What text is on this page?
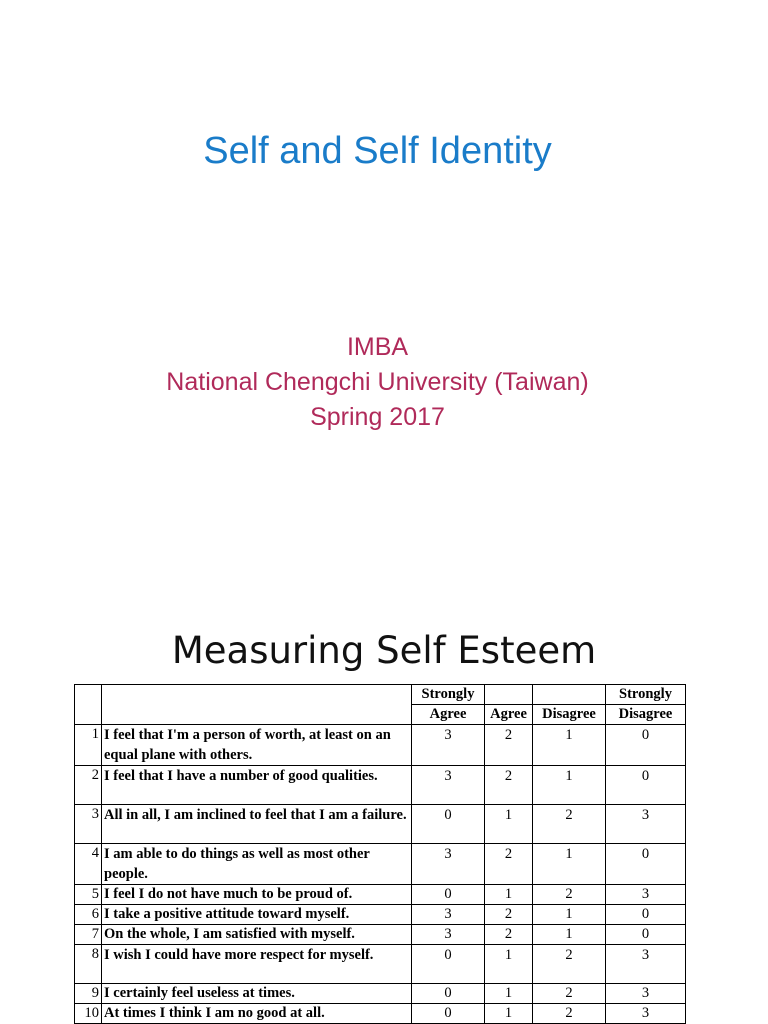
Self and Self Identity
IMBA
National Chengchi University (Taiwan)
Spring 2017
Measuring Self Esteem
		Strongly			Strongly
		Agree	Agree	Disagree	Disagree
1	I feel that I'm a person of worth, at least on an equal plane with others.	3	2	1	0
2	I feel that I have a number of good qualities.	3	2	1	0
3	All in all, I am inclined to feel that I am a failure.	0	1	2	3
4	I am able to do things as well as most other people.	3	2	1	0
5	I feel I do not have much to be proud of.	0	1	2	3
6	I take a positive attitude toward myself.	3	2	1	0
7	On the whole, I am satisfied with myself.	3	2	1	0
8	I wish I could have more respect for myself.	0	1	2	3
9	I certainly feel useless at times.	0	1	2	3
10	At times I think I am no good at all.	0	1	2	3
